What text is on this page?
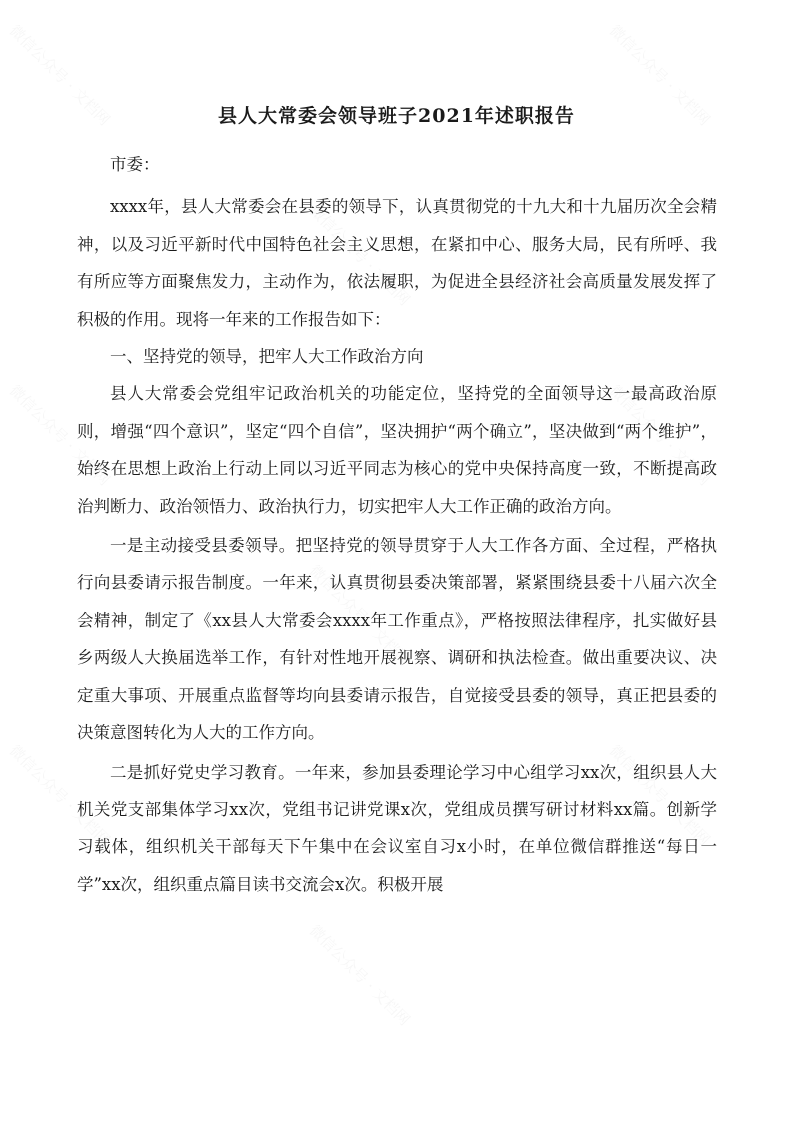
微信公众号 · 文档网	微信公众号 · 文档网
微信公众号 · 文档网
微信公众号 · 文档网	微信公众号 · 文档网
微信公众号 · 文档网
微信公众号 · 文档网	微信公众号 · 文档网
微信公众号 · 文档网
县人大常委会领导班子2021年述职报告

市委：

xxxx年，县人大常委会在县委的领导下，认真贯彻党的十九大和十九届历次全会精神，以及习近平新时代中国特色社会主义思想，在紧扣中心、服务大局，民有所呼、我有所应等方面聚焦发力，主动作为，依法履职，为促进全县经济社会高质量发展发挥了积极的作用。现将一年来的工作报告如下：

一、坚持党的领导，把牢人大工作政治方向

县人大常委会党组牢记政治机关的功能定位，坚持党的全面领导这一最高政治原则，增强“四个意识”，坚定“四个自信”，坚决拥护“两个确立”，坚决做到“两个维护”，始终在思想上政治上行动上同以习近平同志为核心的党中央保持高度一致，不断提高政治判断力、政治领悟力、政治执行力，切实把牢人大工作正确的政治方向。

一是主动接受县委领导。把坚持党的领导贯穿于人大工作各方面、全过程，严格执行向县委请示报告制度。一年来，认真贯彻县委决策部署，紧紧围绕县委十八届六次全会精神，制定了《xx县人大常委会xxxx年工作重点》，严格按照法律程序，扎实做好县乡两级人大换届选举工作，有针对性地开展视察、调研和执法检查。做出重要决议、决定重大事项、开展重点监督等均向县委请示报告，自觉接受县委的领导，真正把县委的决策意图转化为人大的工作方向。

二是抓好党史学习教育。一年来，参加县委理论学习中心组学习xx次，组织县人大机关党支部集体学习xx次，党组书记讲党课x次，党组成员撰写研讨材料xx篇。创新学习载体，组织机关干部每天下午集中在会议室自习x小时，在单位微信群推送“每日一学”xx次，组织重点篇目读书交流会x次。积极开展
